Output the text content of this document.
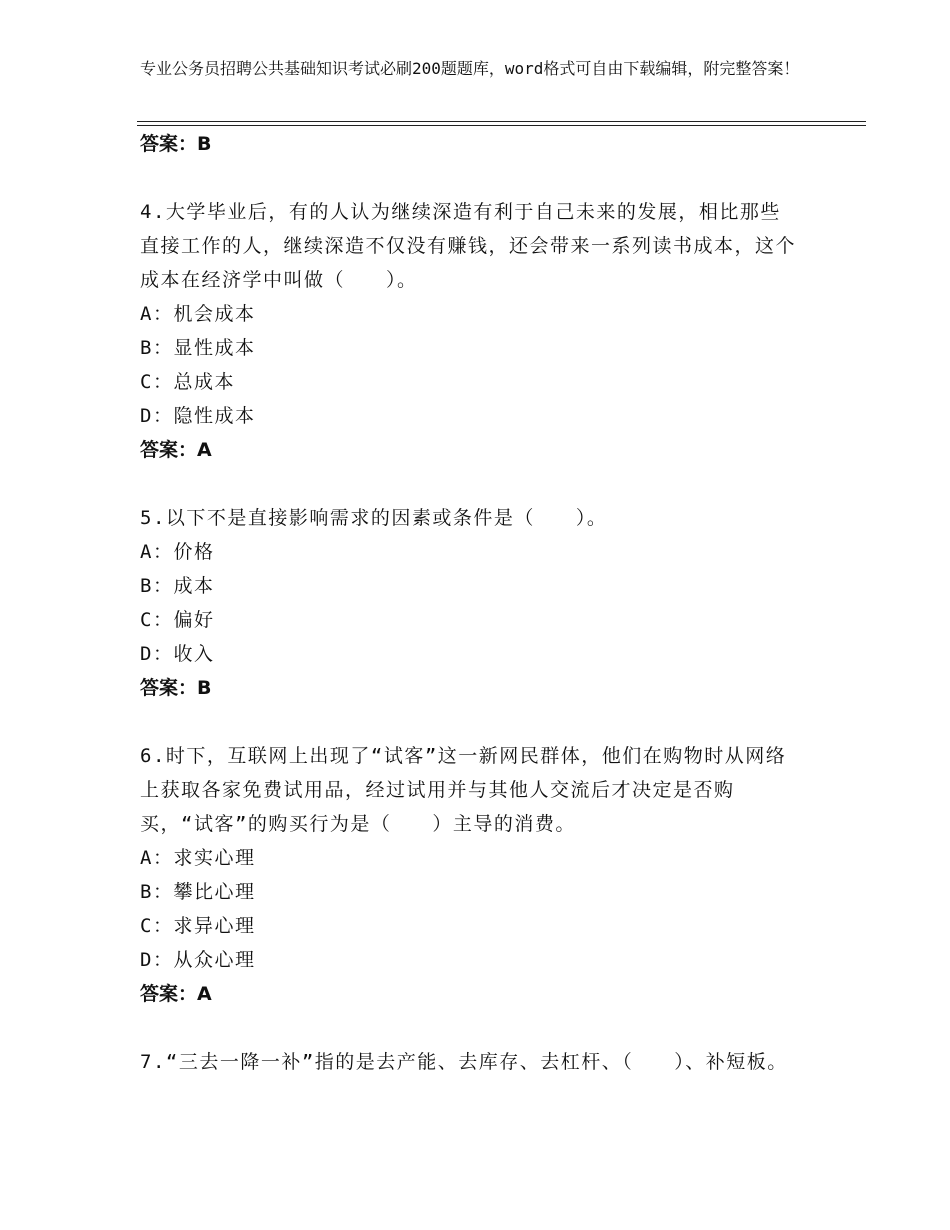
专业公务员招聘公共基础知识考试必刷200题题库，word格式可自由下载编辑，附完整答案！

答案：B

4.大学毕业后，有的人认为继续深造有利于自己未来的发展，相比那些直接工作的人，继续深造不仅没有赚钱，还会带来一系列读书成本，这个成本在经济学中叫做（　　）。

A：机会成本

B：显性成本

C：总成本

D：隐性成本

答案：A

5.以下不是直接影响需求的因素或条件是（　　）。

A：价格

B：成本

C：偏好

D：收入

答案：B

6.时下，互联网上出现了“试客”这一新网民群体，他们在购物时从网络上获取各家免费试用品，经过试用并与其他人交流后才决定是否购买，“试客”的购买行为是（　　）主导的消费。

A：求实心理

B：攀比心理

C：求异心理

D：从众心理

答案：A

7.“三去一降一补”指的是去产能、去库存、去杠杆、（　　）、补短板。
